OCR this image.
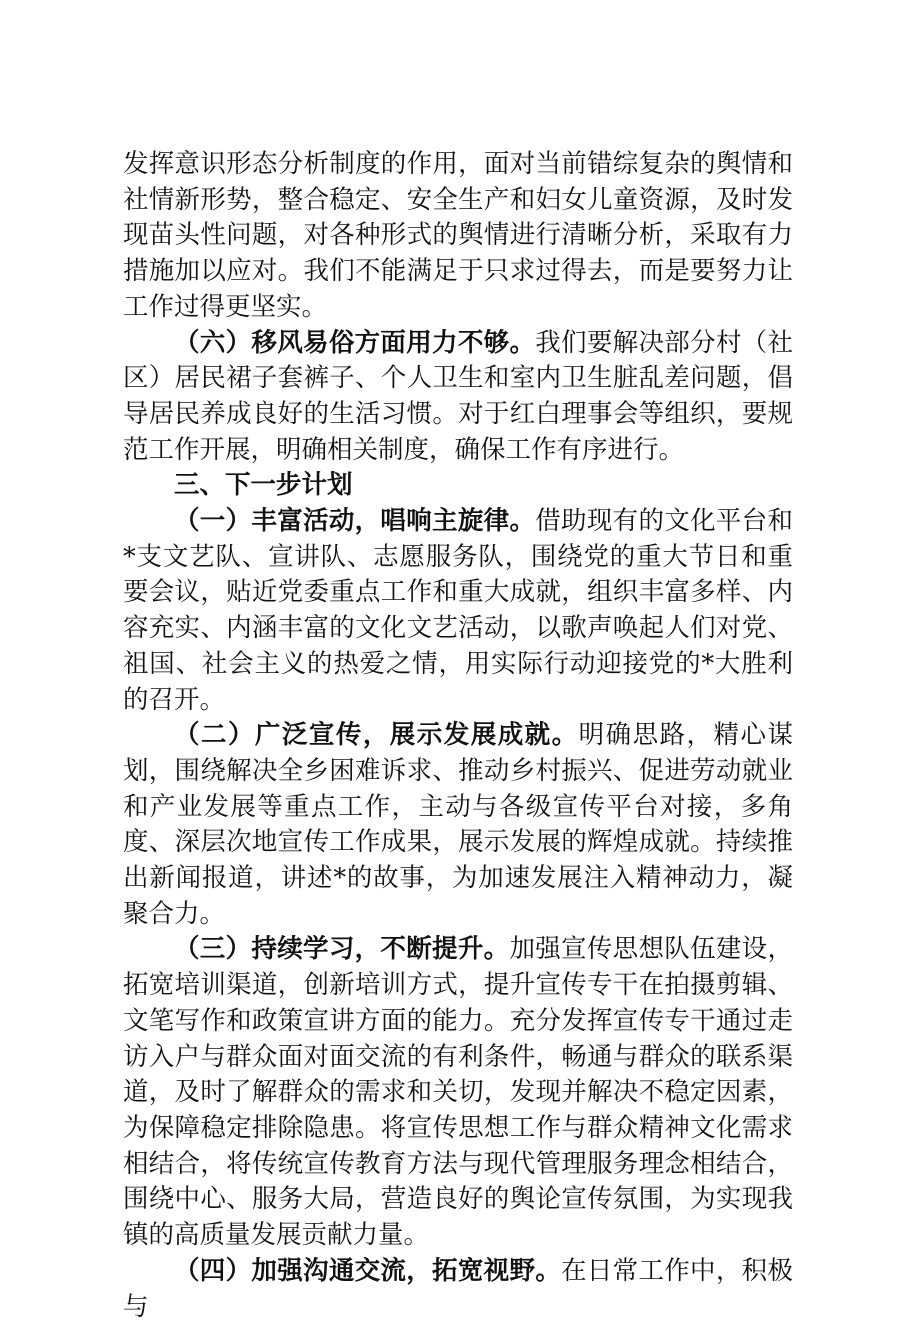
发挥意识形态分析制度的作用，面对当前错综复杂的舆情和社情新形势，整合稳定、安全生产和妇女儿童资源，及时发现苗头性问题，对各种形式的舆情进行清晰分析，采取有力措施加以应对。我们不能满足于只求过得去，而是要努力让工作过得更坚实。

（六）移风易俗方面用力不够。我们要解决部分村（社区）居民裙子套裤子、个人卫生和室内卫生脏乱差问题，倡导居民养成良好的生活习惯。对于红白理事会等组织，要规范工作开展，明确相关制度，确保工作有序进行。

三、下一步计划

（一）丰富活动，唱响主旋律。借助现有的文化平台和*支文艺队、宣讲队、志愿服务队，围绕党的重大节日和重要会议，贴近党委重点工作和重大成就，组织丰富多样、内容充实、内涵丰富的文化文艺活动，以歌声唤起人们对党、祖国、社会主义的热爱之情，用实际行动迎接党的*大胜利的召开。

（二）广泛宣传，展示发展成就。明确思路，精心谋划，围绕解决全乡困难诉求、推动乡村振兴、促进劳动就业和产业发展等重点工作，主动与各级宣传平台对接，多角度、深层次地宣传工作成果，展示发展的辉煌成就。持续推出新闻报道，讲述*的故事，为加速发展注入精神动力，凝聚合力。

（三）持续学习，不断提升。加强宣传思想队伍建设，拓宽培训渠道，创新培训方式，提升宣传专干在拍摄剪辑、文笔写作和政策宣讲方面的能力。充分发挥宣传专干通过走访入户与群众面对面交流的有利条件，畅通与群众的联系渠道，及时了解群众的需求和关切，发现并解决不稳定因素，为保障稳定排除隐患。将宣传思想工作与群众精神文化需求相结合，将传统宣传教育方法与现代管理服务理念相结合，围绕中心、服务大局，营造良好的舆论宣传氛围，为实现我镇的高质量发展贡献力量。

（四）加强沟通交流，拓宽视野。在日常工作中，积极与
